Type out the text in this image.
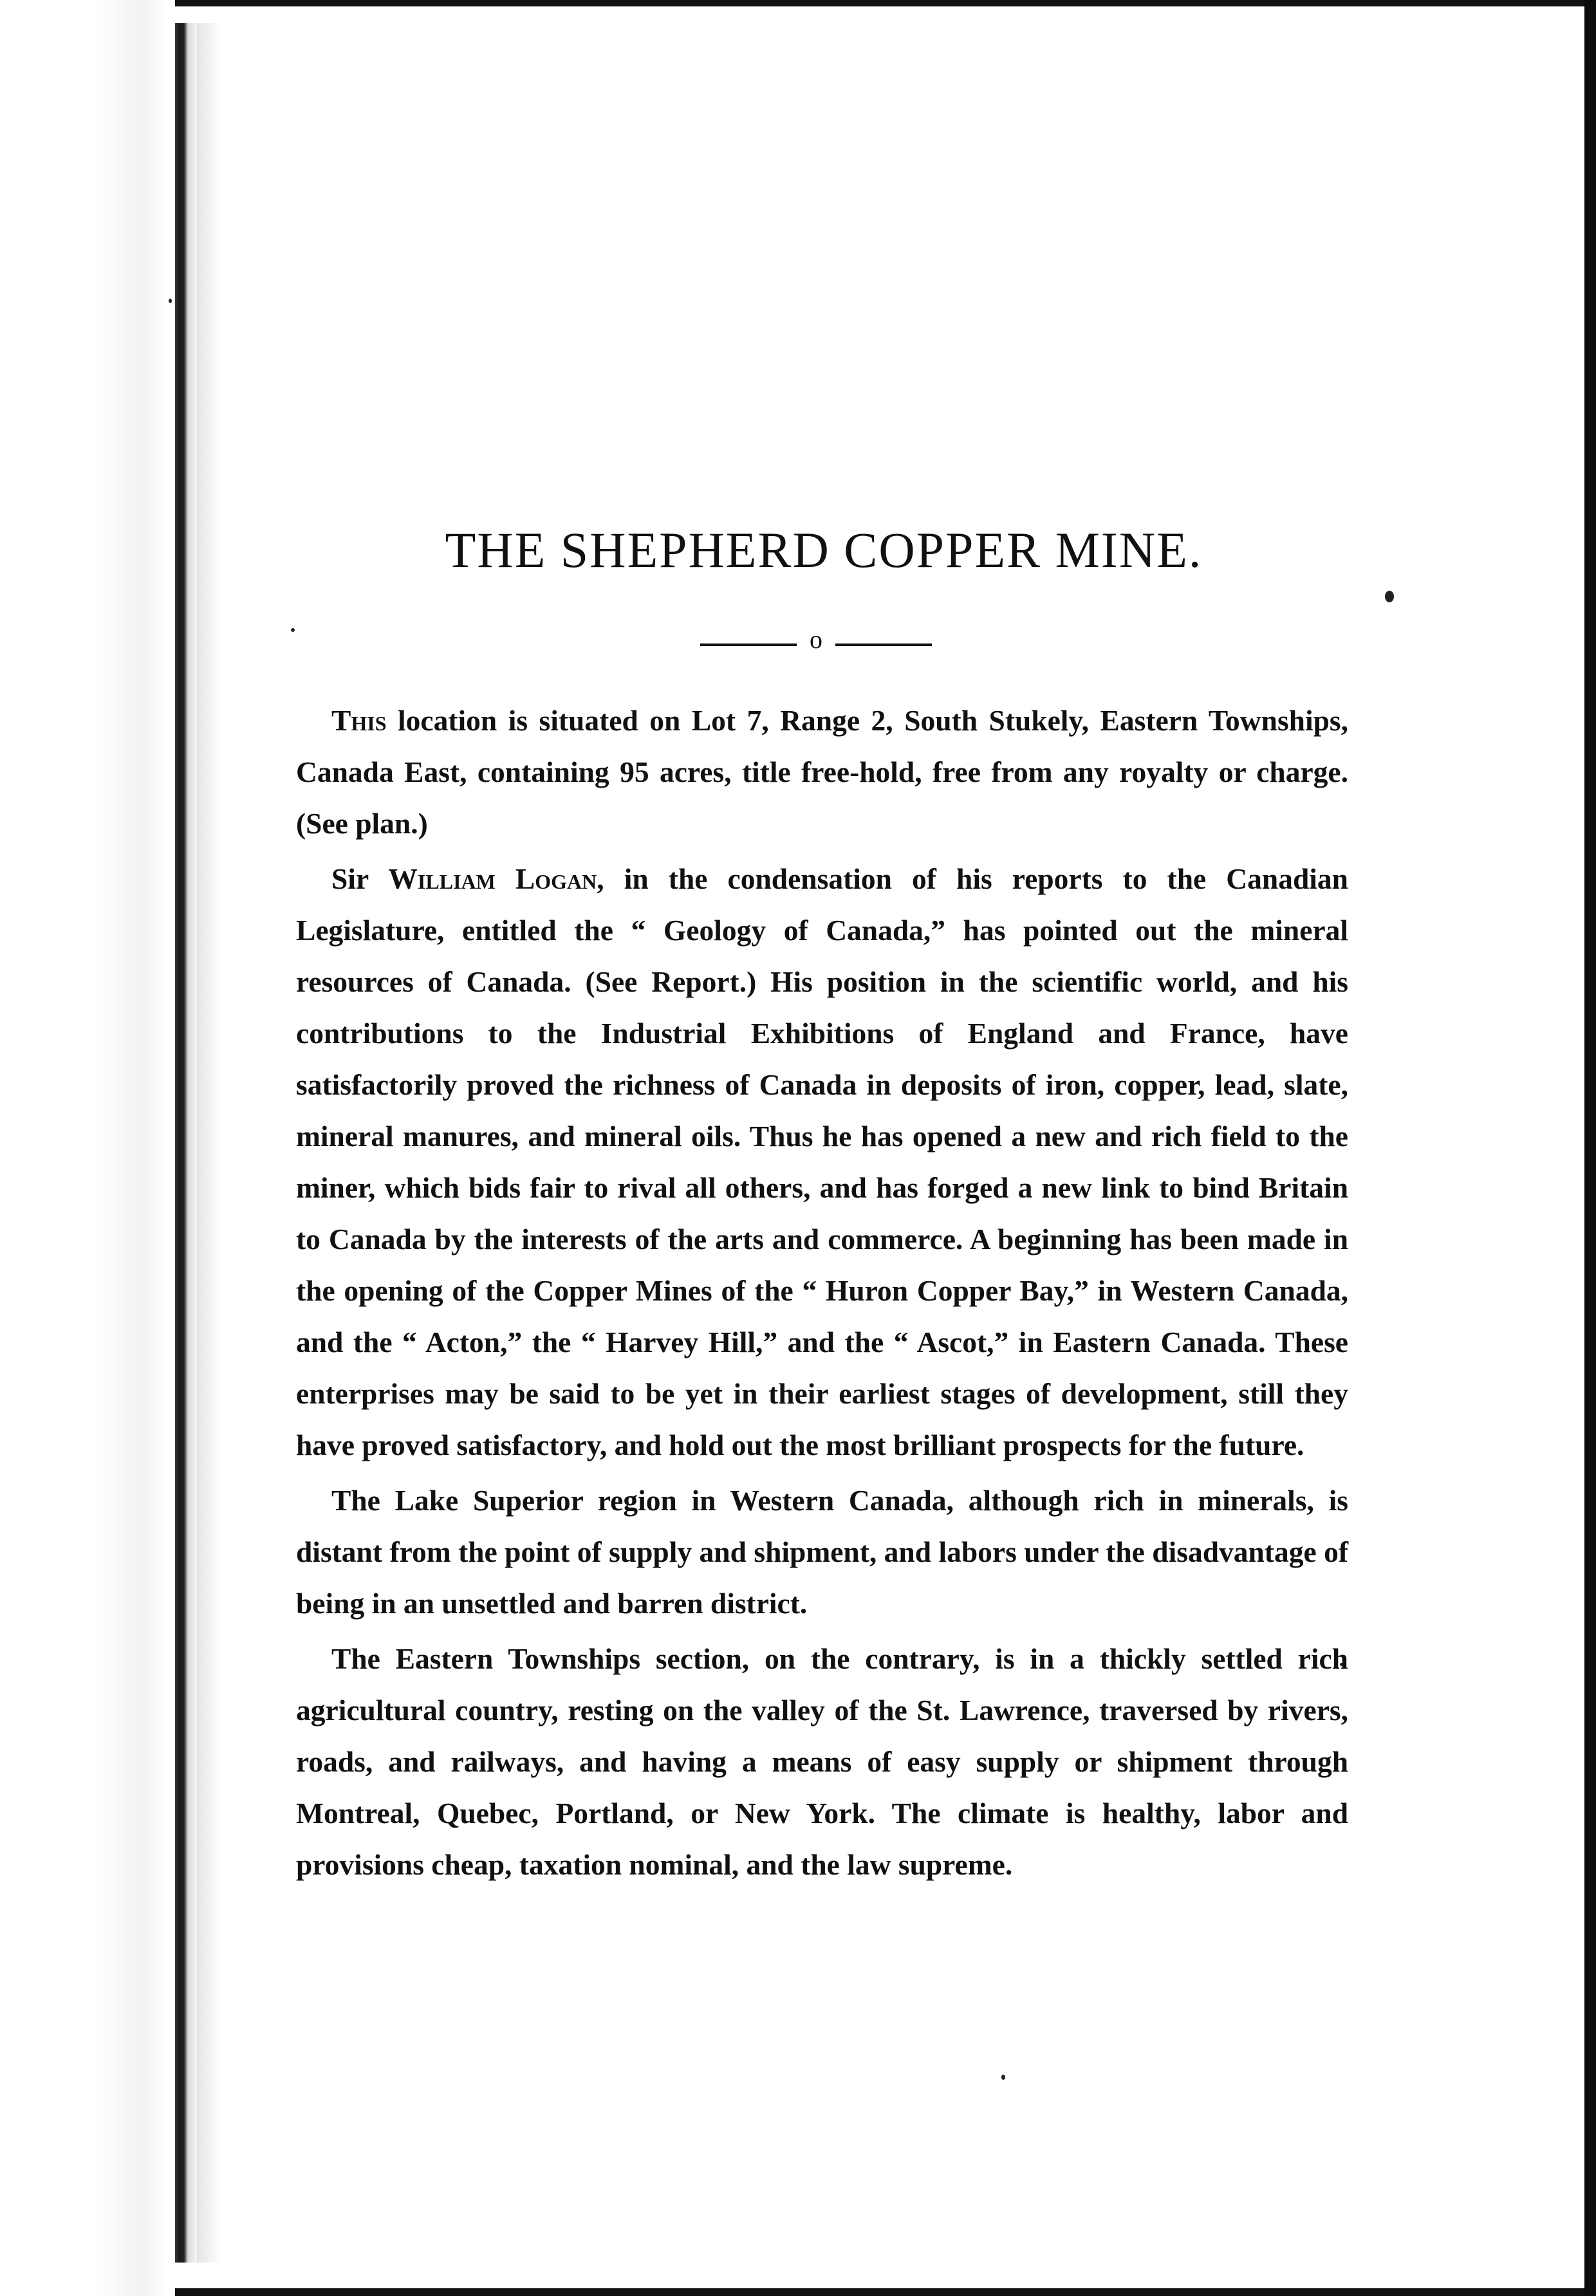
THE SHEPHERD COPPER MINE.
o

This location is situated on Lot 7, Range 2, South Stukely, Eastern Townships, Canada East, containing 95 acres, title free-hold, free from any royalty or charge. (See plan.)

Sir William Logan, in the condensation of his reports to the Canadian Legislature, entitled the “ Geology of Canada,” has pointed out the mineral resources of Canada. (See Report.) His position in the scientific world, and his contributions to the Industrial Exhibitions of England and France, have satisfactorily proved the richness of Canada in deposits of iron, copper, lead, slate, mineral manures, and mineral oils. Thus he has opened a new and rich field to the miner, which bids fair to rival all others, and has forged a new link to bind Britain to Canada by the interests of the arts and commerce. A beginning has been made in the opening of the Copper Mines of the “ Huron Copper Bay,” in Western Canada, and the “ Acton,” the “ Harvey Hill,” and the “ Ascot,” in Eastern Canada. These enterprises may be said to be yet in their earliest stages of development, still they have proved satisfactory, and hold out the most brilliant prospects for the future.

The Lake Superior region in Western Canada, although rich in minerals, is distant from the point of supply and shipment, and labors under the disadvantage of being in an unsettled and barren district.

The Eastern Townships section, on the contrary, is in a thickly settled rich agricultural country, resting on the valley of the St. Lawrence, traversed by rivers, roads, and railways, and having a means of easy supply or shipment through Montreal, Quebec, Portland, or New York. The climate is healthy, labor and provisions cheap, taxation nominal, and the law supreme.
